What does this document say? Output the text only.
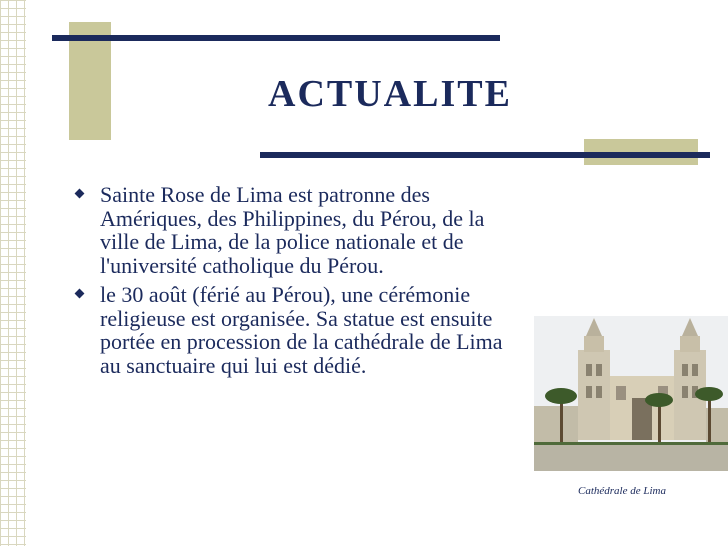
ACTUALITE
Sainte Rose de Lima est patronne des Amériques, des Philippines, du Pérou, de la ville de Lima, de la police nationale et de l'université catholique du Pérou.
le 30 août (férié au Pérou), une cérémonie religieuse est organisée. Sa statue est ensuite portée en procession de la cathédrale de Lima au sanctuaire qui lui est dédié.
Cathédrale de Lima
